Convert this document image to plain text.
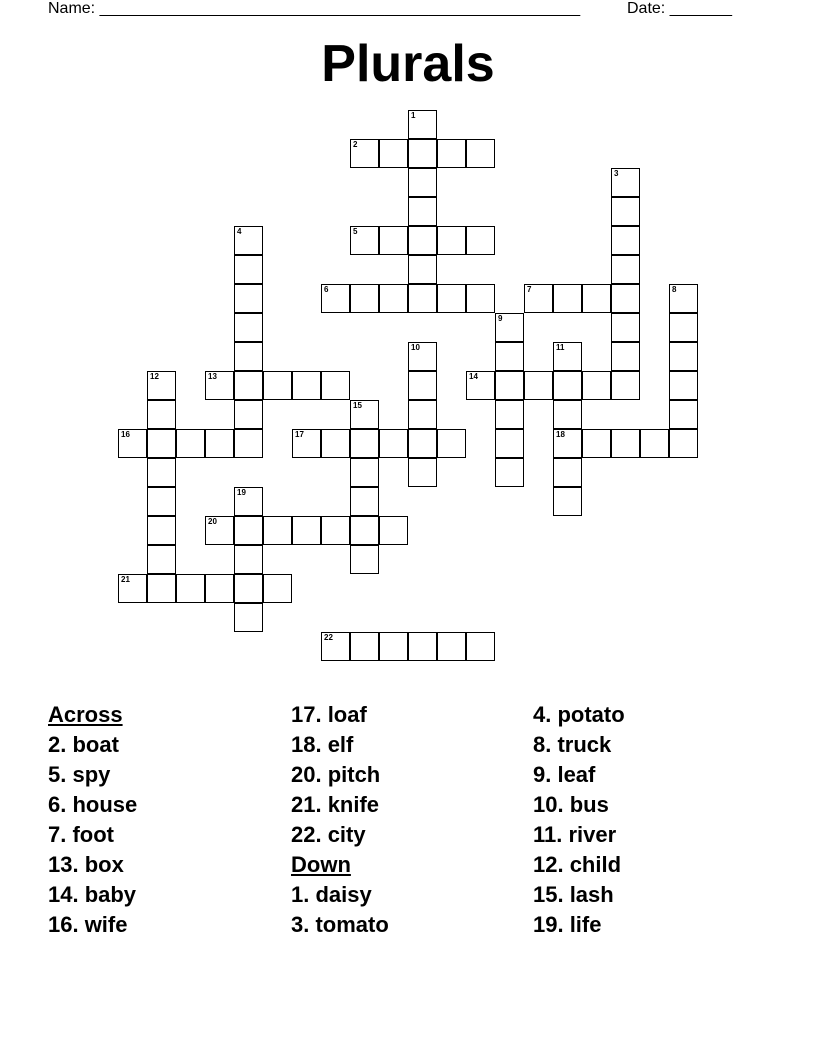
Name: ______________________________________________________	Date: _______
Plurals
1
2
3
4	5
6	7	8
9
10	11
18
12	13	14
15
16	17
19
20
21
22
Across
2. boat
5. spy
6. house
7. foot
13. box
14. baby
16. wife
17. loaf
18. elf
20. pitch
21. knife
22. city
Down
1. daisy
3. tomato
4. potato
8. truck
9. leaf
10. bus
11. river
12. child
15. lash
19. life
